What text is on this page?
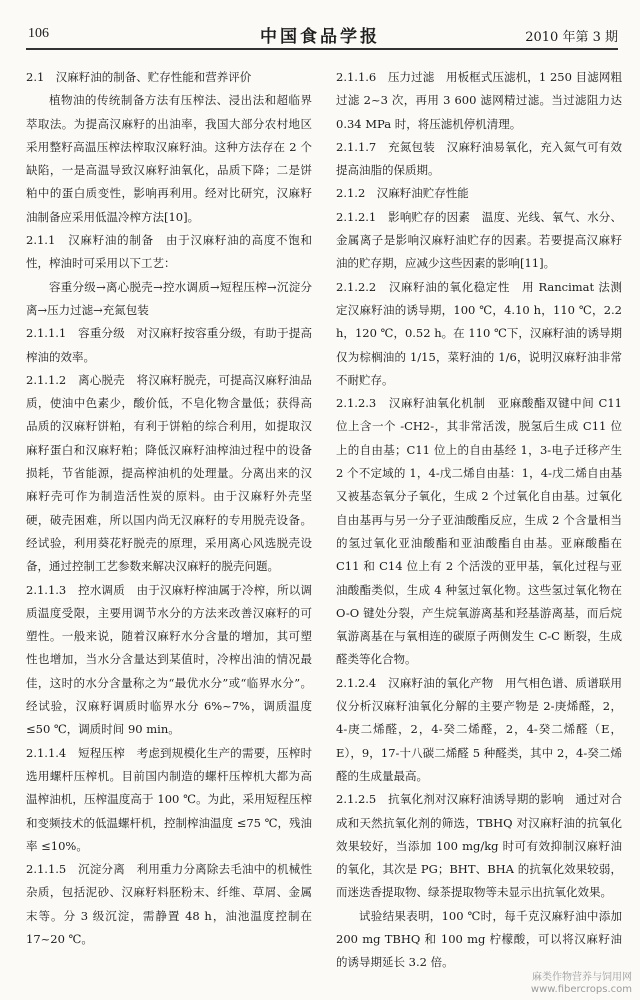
106	中国食品学报	2010 年第 3 期

2.1　汉麻籽油的制备、贮存性能和营养评价

植物油的传统制备方法有压榨法、浸出法和超临界萃取法。为提高汉麻籽的出油率，我国大部分农村地区采用整籽高温压榨法榨取汉麻籽油。这种方法存在 2 个缺陷，一是高温导致汉麻籽油氧化，品质下降；二是饼粕中的蛋白质变性，影响再利用。经对比研究，汉麻籽油制备应采用低温冷榨方法[10]。

2.1.1　汉麻籽油的制备　由于汉麻籽油的高度不饱和性，榨油时可采用以下工艺：

容重分级→离心脱壳→控水调质→短程压榨→沉淀分离→压力过滤→充氮包装

2.1.1.1　容重分级　对汉麻籽按容重分级，有助于提高榨油的效率。

2.1.1.2　离心脱壳　将汉麻籽脱壳，可提高汉麻籽油品质，使油中色素少，酸价低，不皂化物含量低；获得高品质的汉麻籽饼粕，有利于饼粕的综合利用，如提取汉麻籽蛋白和汉麻籽粕；降低汉麻籽油榨油过程中的设备损耗，节省能源，提高榨油机的处理量。分离出来的汉麻籽壳可作为制造活性炭的原料。由于汉麻籽外壳坚硬，破壳困难，所以国内尚无汉麻籽的专用脱壳设备。经试验，利用葵花籽脱壳的原理，采用离心风选脱壳设备，通过控制工艺参数来解决汉麻籽的脱壳问题。

2.1.1.3　控水调质　由于汉麻籽榨油属于冷榨，所以调质温度受限，主要用调节水分的方法来改善汉麻籽的可塑性。一般来说，随着汉麻籽水分含量的增加，其可塑性也增加，当水分含量达到某值时，冷榨出油的情况最佳，这时的水分含量称之为“最优水分”或“临界水分”。经试验，汉麻籽调质时临界水分 6%~7%，调质温度 ≤50 ℃，调质时间 90 min。

2.1.1.4　短程压榨　考虑到规模化生产的需要，压榨时选用螺杆压榨机。目前国内制造的螺杆压榨机大都为高温榨油机，压榨温度高于 100 ℃。为此，采用短程压榨和变频技术的低温螺杆机，控制榨油温度 ≤75 ℃，残油率 ≤10%。

2.1.1.5　沉淀分离　利用重力分离除去毛油中的机械性杂质，包括泥砂、汉麻籽料胚粉末、纤维、草屑、金属末等。分 3 级沉淀，需静置 48 h，油池温度控制在 17~20 ℃。

2.1.1.6　压力过滤　用板框式压滤机，1 250 目滤网粗过滤 2~3 次，再用 3 600 滤网精过滤。当过滤阻力达 0.34 MPa 时，将压滤机停机清理。

2.1.1.7　充氮包装　汉麻籽油易氧化，充入氮气可有效提高油脂的保质期。

2.1.2　汉麻籽油贮存性能

2.1.2.1　影响贮存的因素　温度、光线、氧气、水分、金属离子是影响汉麻籽油贮存的因素。若要提高汉麻籽油的贮存期，应减少这些因素的影响[11]。

2.1.2.2　汉麻籽油的氧化稳定性　用 Rancimat 法测定汉麻籽油的诱导期，100 ℃，4.10 h，110 ℃，2.2 h，120 ℃，0.52 h。在 110 ℃下，汉麻籽油的诱导期仅为棕榈油的 1/15，菜籽油的 1/6，说明汉麻籽油非常不耐贮存。

2.1.2.3　汉麻籽油氧化机制　亚麻酸酯双键中间 C11 位上含一个 -CH2-，其非常活泼，脱氢后生成 C11 位上的自由基；C11 位上的自由基经 1，3-电子迁移产生 2 个不定域的 1，4-戊二烯自由基：1，4-戊二烯自由基又被基态氧分子氧化，生成 2 个过氧化自由基。过氧化自由基再与另一分子亚油酸酯反应，生成 2 个含量相当的氢过氧化亚油酸酯和亚油酸酯自由基。亚麻酸酯在 C11 和 C14 位上有 2 个活泼的亚甲基，氧化过程与亚油酸酯类似，生成 4 种氢过氧化物。这些氢过氧化物在 O-O 键处分裂，产生烷氧游离基和羟基游离基，而后烷氧游离基在与氧相连的碳原子两侧发生 C-C 断裂，生成醛类等化合物。

2.1.2.4　汉麻籽油的氧化产物　用气相色谱、质谱联用仪分析汉麻籽油氧化分解的主要产物是 2-庚烯醛，2，4-庚二烯醛，2，4-癸二烯醛，2，4-癸二烯醛（E，E），9，17-十八碳二烯醛 5 种醛类，其中 2，4-癸二烯醛的生成量最高。

2.1.2.5　抗氧化剂对汉麻籽油诱导期的影响　通过对合成和天然抗氧化剂的筛选，TBHQ 对汉麻籽油的抗氧化效果较好，当添加 100 mg/kg 时可有效抑制汉麻籽油的氧化，其次是 PG；BHT、BHA 的抗氧化效果较弱，而迷迭香提取物、绿茶提取物等未显示出抗氧化效果。

试验结果表明，100 ℃时，每千克汉麻籽油中添加 200 mg TBHQ 和 100 mg 柠檬酸，可以将汉麻籽油的诱导期延长 3.2 倍。

麻类作物营养与饲用网
www.fibercrops.com
